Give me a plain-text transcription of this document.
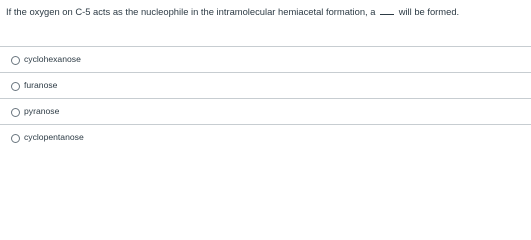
If the oxygen on C-5 acts as the nucleophile in the intramolecular hemiacetal formation, a will be formed.
cyclohexanose
furanose
pyranose
cyclopentanose
